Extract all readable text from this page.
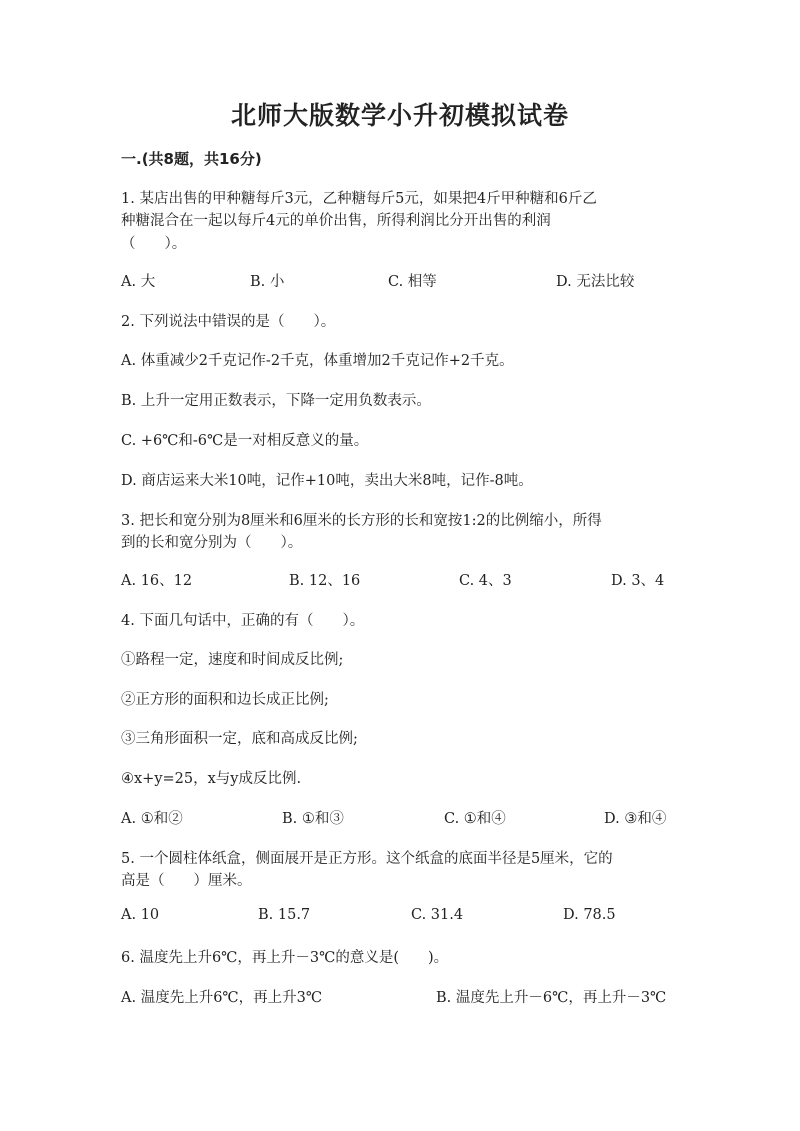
北师大版数学小升初模拟试卷
一.(共8题，共16分)
1. 某店出售的甲种糖每斤3元，乙种糖每斤5元，如果把4斤甲种糖和6斤乙
种糖混合在一起以每斤4元的单价出售，所得利润比分开出售的利润
（　　）。
A. 大	B. 小	C. 相等	D. 无法比较
2. 下列说法中错误的是（　　）。
A. 体重减少2千克记作-2千克，体重增加2千克记作+2千克。
B. 上升一定用正数表示，下降一定用负数表示。
C. +6℃和-6℃是一对相反意义的量。
D. 商店运来大米10吨，记作+10吨，卖出大米8吨，记作-8吨。
3. 把长和宽分别为8厘米和6厘米的长方形的长和宽按1:2的比例缩小，所得
到的长和宽分别为（　　）。
A. 16、12	B. 12、16	C. 4、3	D. 3、4
4. 下面几句话中，正确的有（　　）。
①路程一定，速度和时间成反比例;
②正方形的面积和边长成正比例;
③三角形面积一定，底和高成反比例;
④x+y=25，x与y成反比例.
A. ①和②	B. ①和③	C. ①和④	D. ③和④
5. 一个圆柱体纸盒，侧面展开是正方形。这个纸盒的底面半径是5厘米，它的
高是（　　）厘米。
A. 10	B. 15.7	C. 31.4	D. 78.5
6. 温度先上升6℃，再上升－3℃的意义是(　　)。
A. 温度先上升6℃，再上升3℃	B. 温度先上升－6℃，再上升－3℃
